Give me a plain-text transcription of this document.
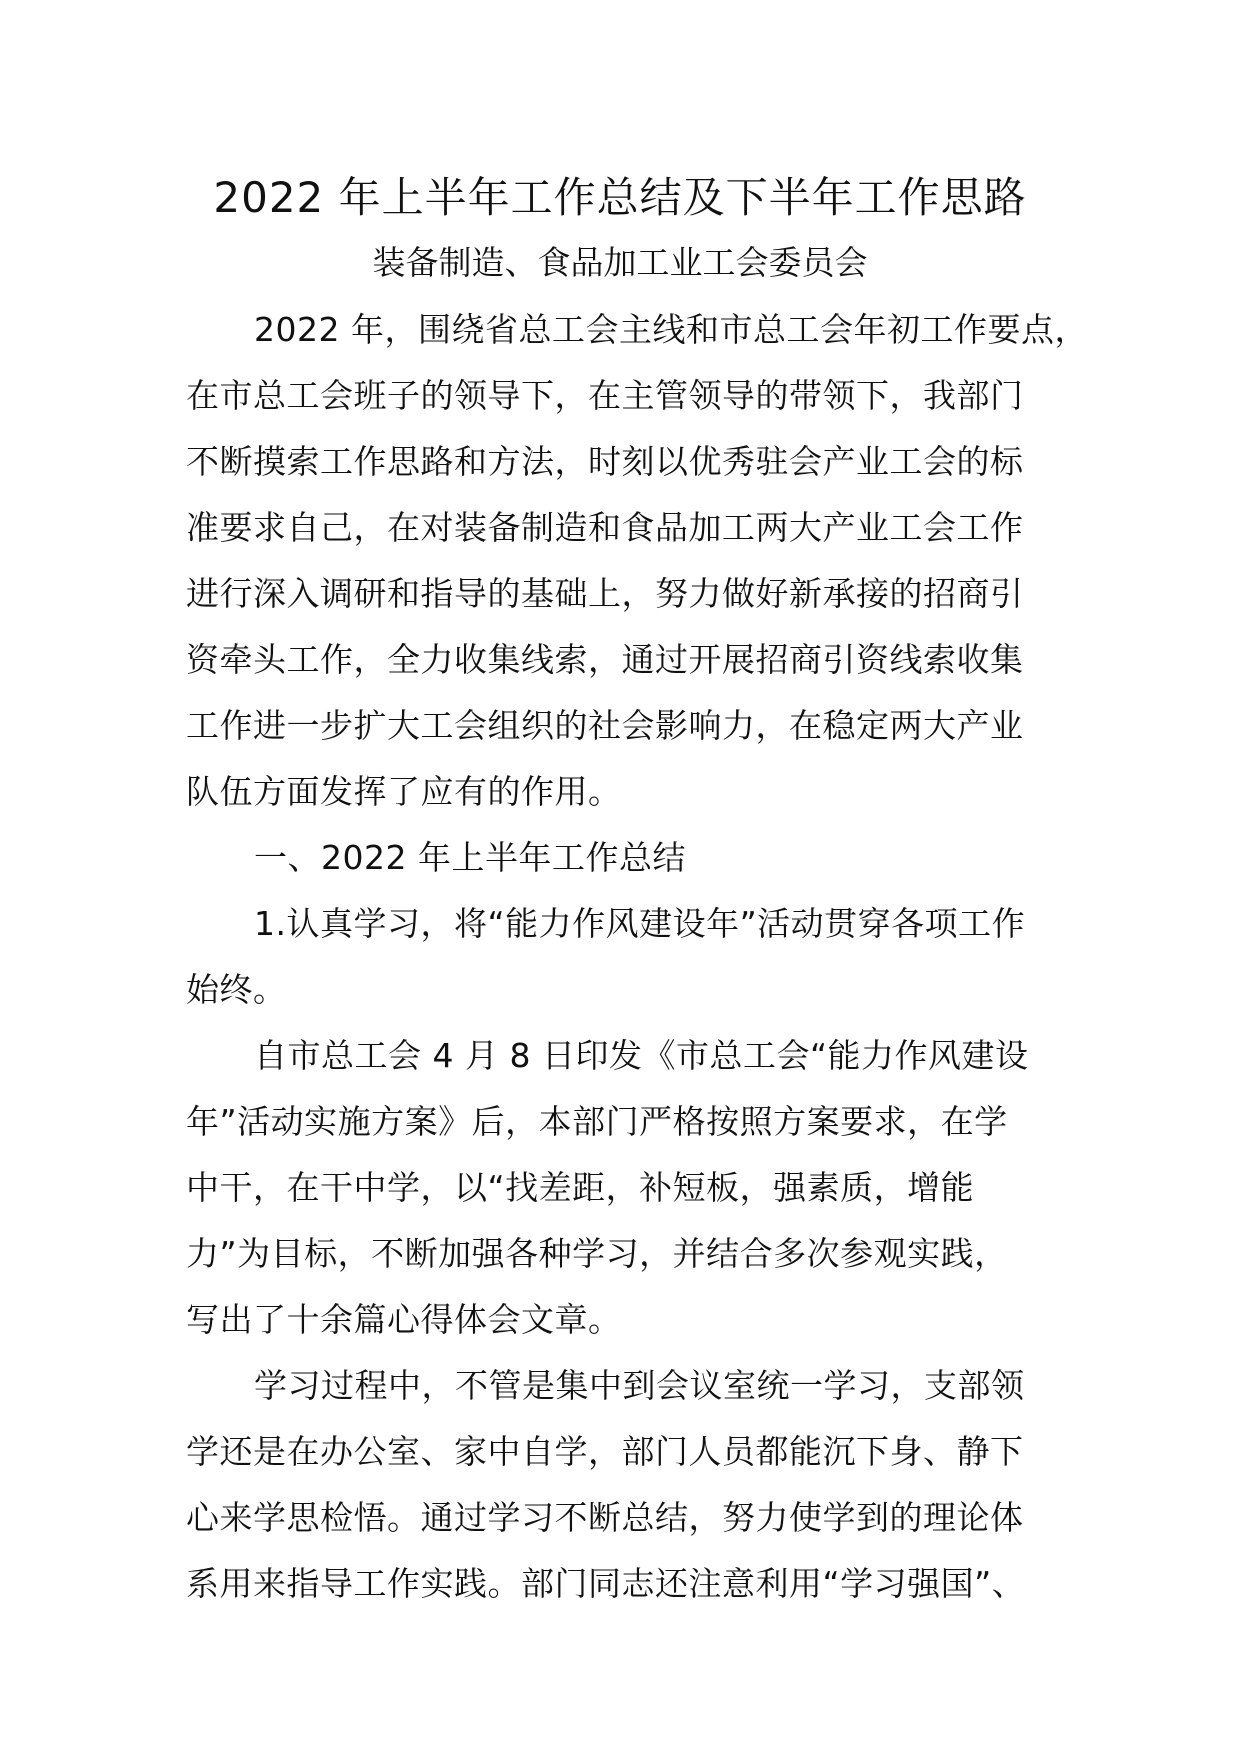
2022 年上半年工作总结及下半年工作思路
装备制造、食品加工业工会委员会
2022 年，围绕省总工会主线和市总工会年初工作要点，
在市总工会班子的领导下，在主管领导的带领下，我部门
不断摸索工作思路和方法，时刻以优秀驻会产业工会的标
准要求自己，在对装备制造和食品加工两大产业工会工作
进行深入调研和指导的基础上，努力做好新承接的招商引
资牵头工作，全力收集线索，通过开展招商引资线索收集
工作进一步扩大工会组织的社会影响力，在稳定两大产业
队伍方面发挥了应有的作用。
一、2022 年上半年工作总结
1.认真学习，将“能力作风建设年”活动贯穿各项工作
始终。
自市总工会 4 月 8 日印发《市总工会“能力作风建设
年”活动实施方案》后，本部门严格按照方案要求，在学
中干，在干中学，以“找差距，补短板，强素质，增能
力”为目标，不断加强各种学习，并结合多次参观实践，
写出了十余篇心得体会文章。
学习过程中，不管是集中到会议室统一学习，支部领
学还是在办公室、家中自学，部门人员都能沉下身、静下
心来学思检悟。通过学习不断总结，努力使学到的理论体
系用来指导工作实践。部门同志还注意利用“学习强国”、
